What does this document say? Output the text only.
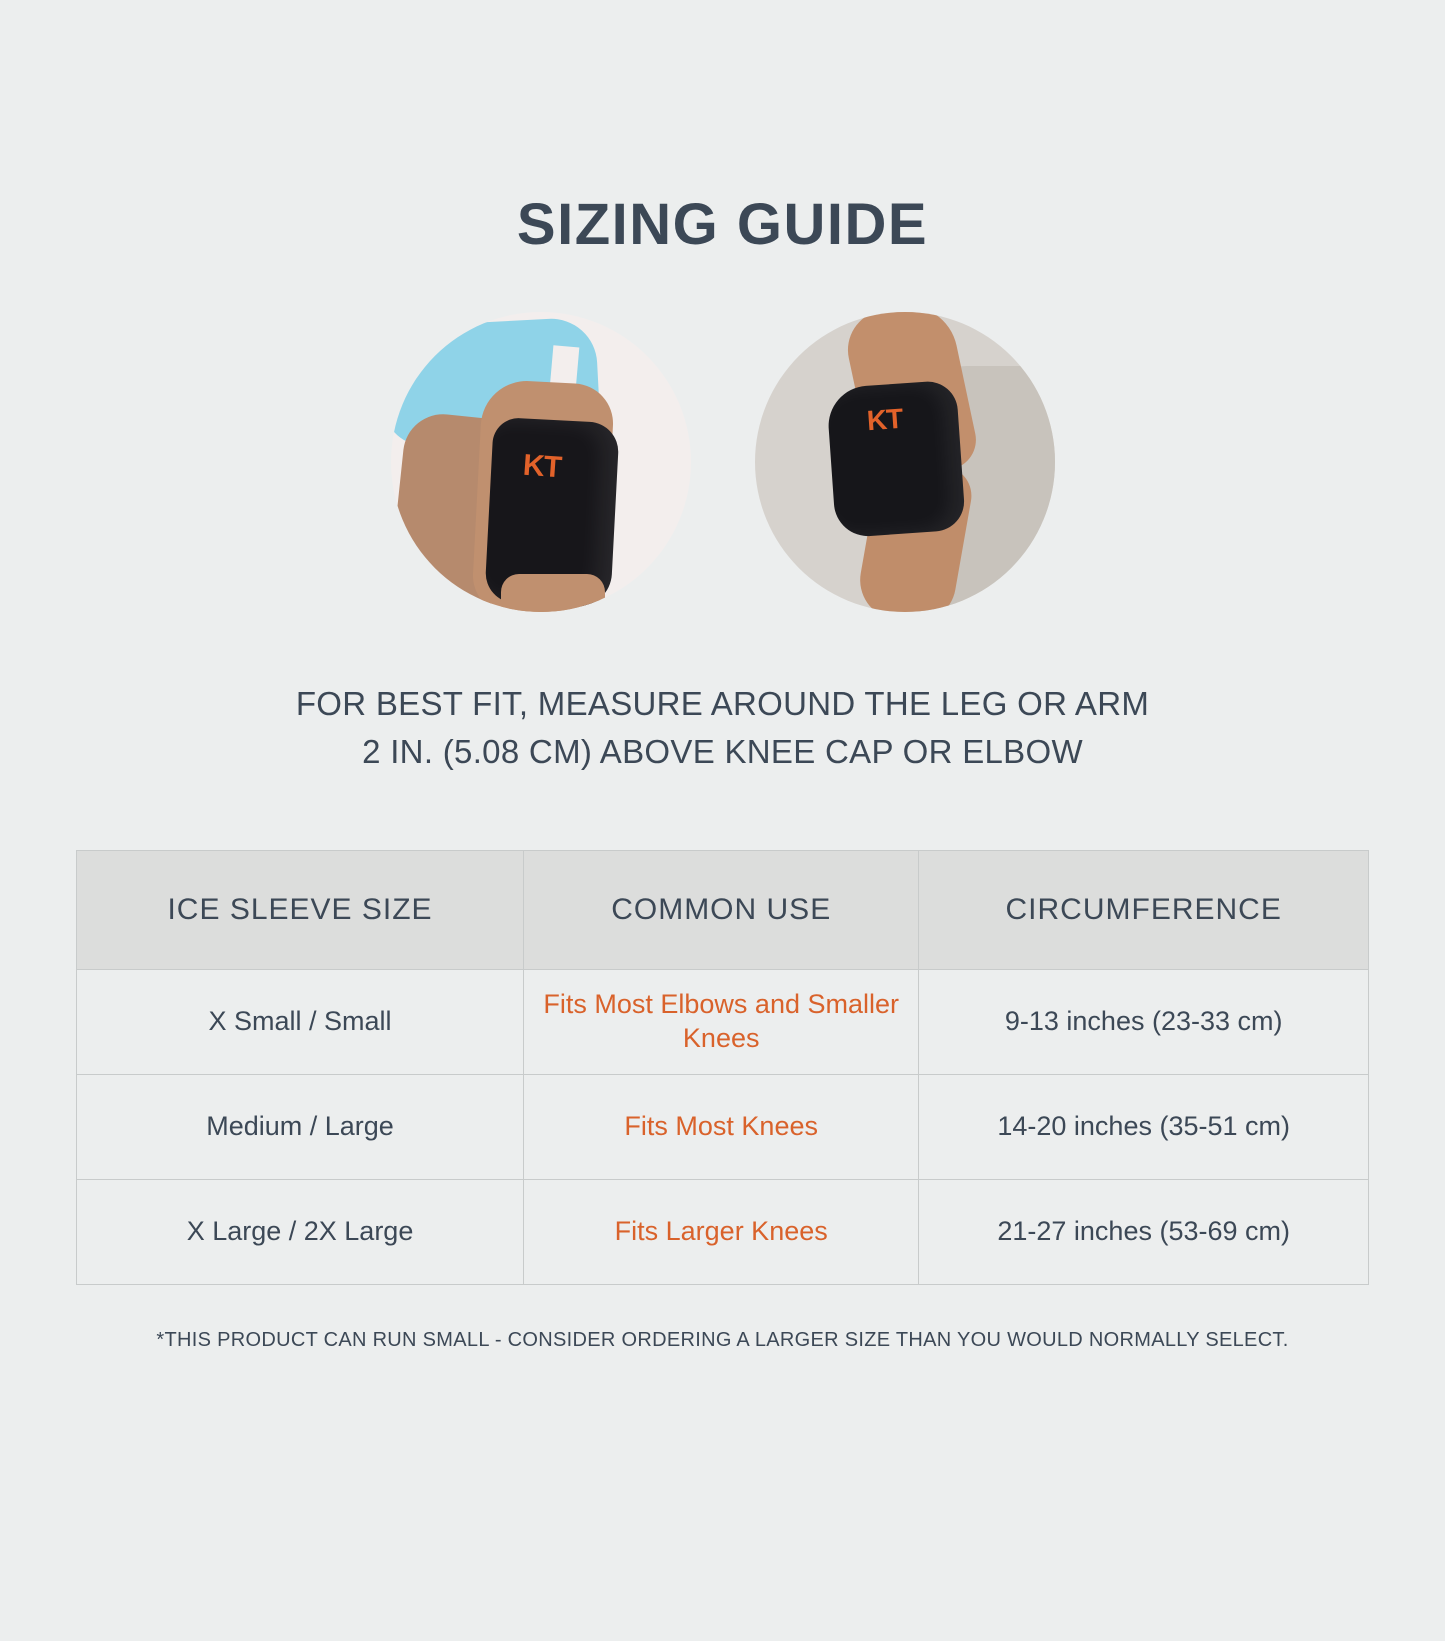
SIZING GUIDE
KT
KT
FOR BEST FIT, MEASURE AROUND THE LEG OR ARM
2 IN. (5.08 CM) ABOVE KNEE CAP OR ELBOW
ICE SLEEVE SIZE	COMMON USE	CIRCUMFERENCE
X Small / Small	Fits Most Elbows and Smaller Knees	9-13 inches (23-33 cm)
Medium / Large	Fits Most Knees	14-20 inches (35-51 cm)
X Large / 2X Large	Fits Larger Knees	21-27 inches (53-69 cm)
*THIS PRODUCT CAN RUN SMALL - CONSIDER ORDERING A LARGER SIZE THAN YOU WOULD NORMALLY SELECT.
